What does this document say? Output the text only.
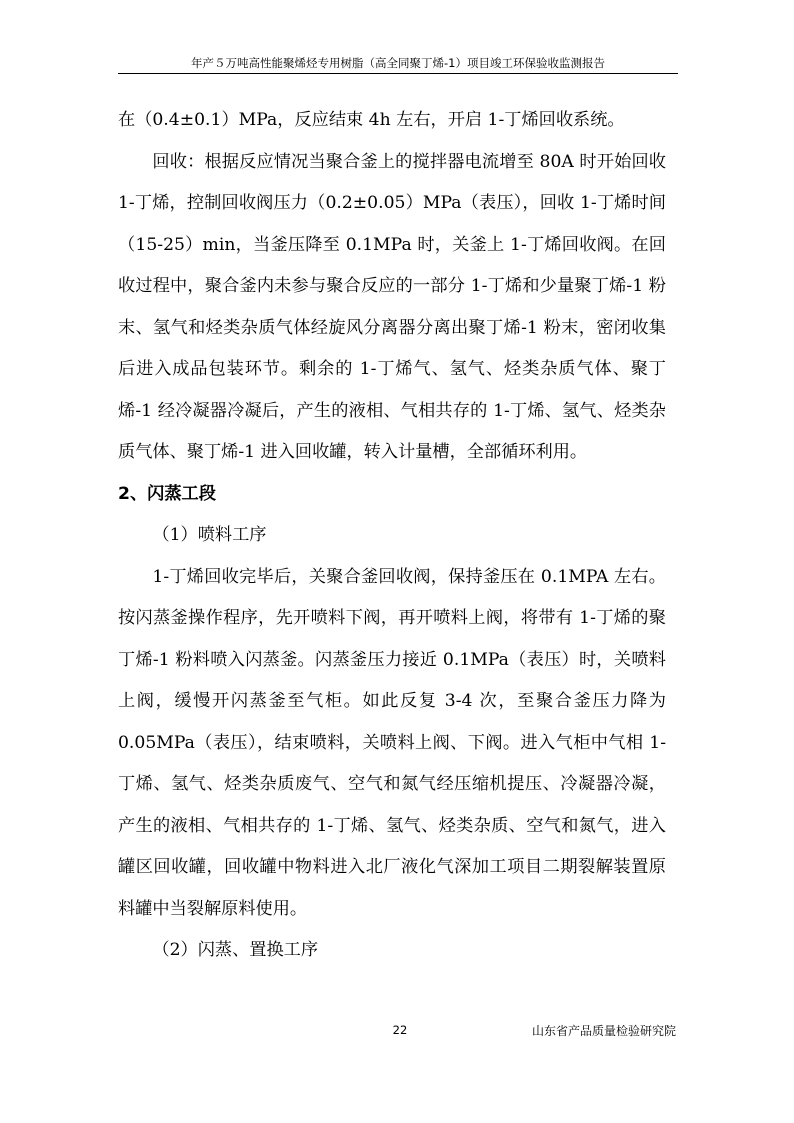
年产５万吨高性能聚烯烃专用树脂（高全同聚丁烯-1）项目竣工环保验收监测报告

在（0.4±0.1）MPa，反应结束 4h 左右，开启 1-丁烯回收系统。

回收：根据反应情况当聚合釜上的搅拌器电流增至 80A 时开始回收 1-丁烯，控制回收阀压力（0.2±0.05）MPa（表压），回收 1-丁烯时间（15-25）min，当釜压降至 0.1MPa 时，关釜上 1-丁烯回收阀。在回收过程中，聚合釜内未参与聚合反应的一部分 1-丁烯和少量聚丁烯-1 粉末、氢气和烃类杂质气体经旋风分离器分离出聚丁烯-1 粉末，密闭收集后进入成品包装环节。剩余的 1-丁烯气、氢气、烃类杂质气体、聚丁烯-1 经冷凝器冷凝后，产生的液相、气相共存的 1-丁烯、氢气、烃类杂质气体、聚丁烯-1 进入回收罐，转入计量槽，全部循环利用。

2、闪蒸工段

（1）喷料工序

1-丁烯回收完毕后，关聚合釜回收阀，保持釜压在 0.1MPA 左右。按闪蒸釜操作程序，先开喷料下阀，再开喷料上阀，将带有 1-丁烯的聚丁烯-1 粉料喷入闪蒸釜。闪蒸釜压力接近 0.1MPa（表压）时，关喷料上阀，缓慢开闪蒸釜至气柜。如此反复 3-4 次，至聚合釜压力降为 0.05MPa（表压），结束喷料，关喷料上阀、下阀。进入气柜中气相 1-丁烯、氢气、烃类杂质废气、空气和氮气经压缩机提压、冷凝器冷凝，产生的液相、气相共存的 1-丁烯、氢气、烃类杂质、空气和氮气，进入罐区回收罐，回收罐中物料进入北厂液化气深加工项目二期裂解装置原料罐中当裂解原料使用。

（2）闪蒸、置换工序

22	山东省产品质量检验研究院
